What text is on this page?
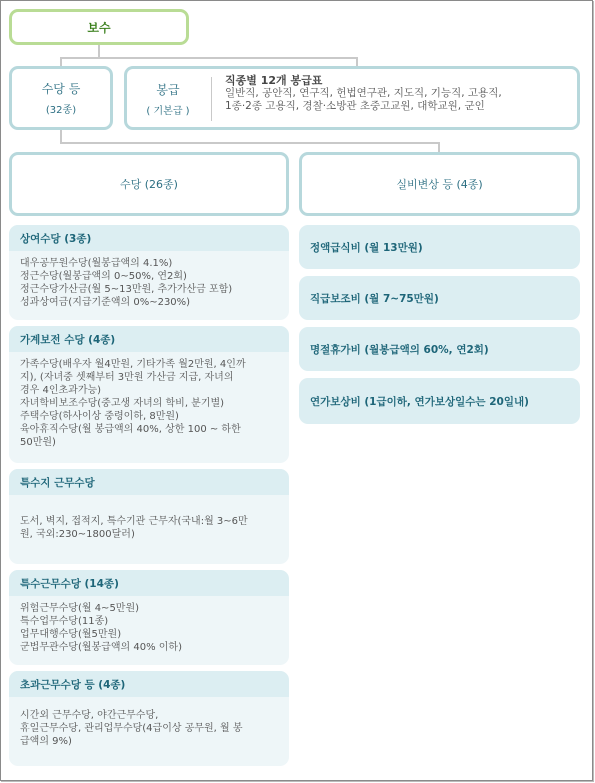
보수
수당 등
(32종)
봉급
( 기본급 )
직종별 12개 봉급표
일반직, 공안직, 연구직, 헌법연구관, 지도직, 기능직, 고용직,
1종·2종 고용직, 경찰·소방관 초중고교원, 대학교원, 군인
수당 (26종)	실비변상 등 (4종)
상여수당 (3종)
대우공무원수당(월봉급액의 4.1%)
정근수당(월봉급액의 0~50%, 연2회)
정근수당가산금(월 5~13만원, 추가가산금 포함)
성과상여금(지급기준액의 0%~230%)
가계보전 수당 (4종)
가족수당(배우자 월4만원, 기타가족 월2만원, 4인까
지), (자녀중 셋째부터 3만원 가산금 지급, 자녀의
경우 4인초과가능)
자녀학비보조수당(중고생 자녀의 학비, 분기별)
주택수당(하사이상 중령이하, 8만원)
육아휴직수당(월 봉급액의 40%, 상한 100 ~ 하한
50만원)
특수지 근무수당
도서, 벽지, 접적지, 특수기관 근무자(국내:월 3~6만
원, 국외:230~1800달러)
특수근무수당 (14종)
위험근무수당(월 4~5만원)
특수업무수당(11종)
업무대행수당(월5만원)
군법무관수당(월봉급액의 40% 이하)
초과근무수당 등 (4종)
시간외 근무수당, 야간근무수당,
휴일근무수당, 관리업무수당(4급이상 공무원, 월 봉
급액의 9%)
정액급식비 (월 13만원)
직급보조비 (월 7~75만원)
명절휴가비 (월봉급액의 60%, 연2회)
연가보상비 (1급이하, 연가보상일수는 20일내)
